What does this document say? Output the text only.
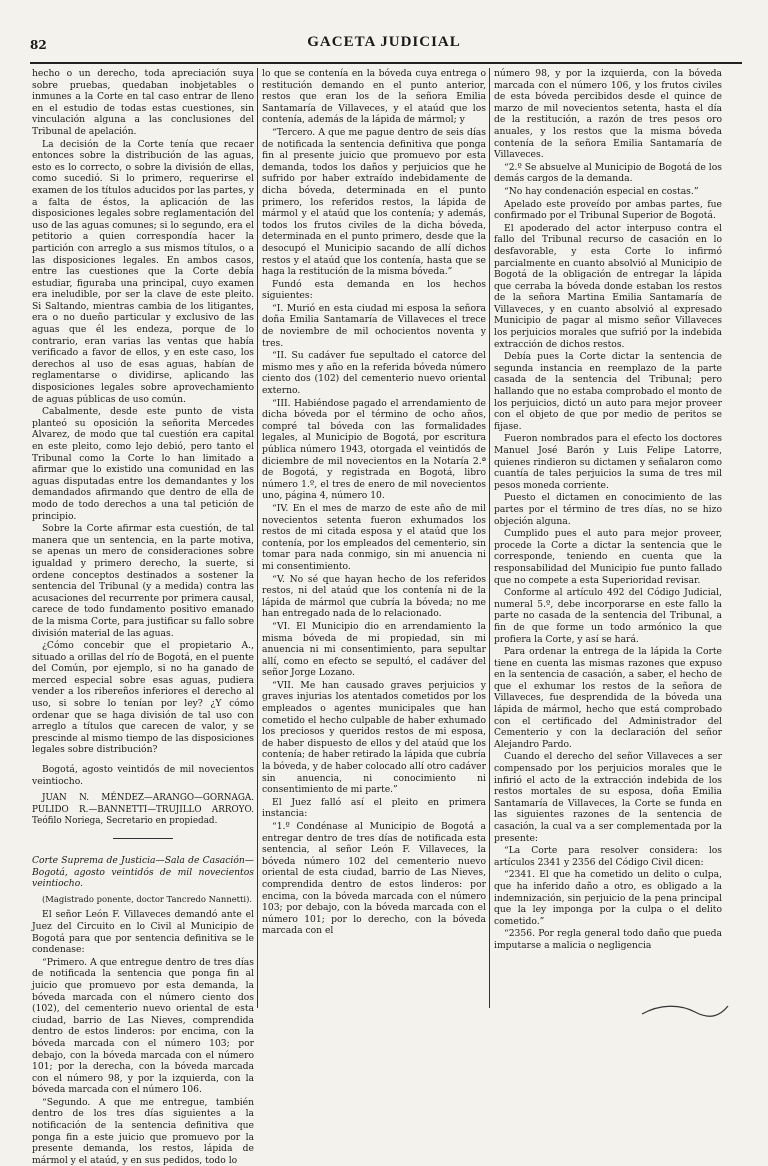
82	GACETA JUDICIAL

hecho o un derecho, toda apreciación suya sobre pruebas, quedaban inobjetables o inmunes a la Corte en tal caso entrar de lleno en el estudio de todas estas cuestiones, sin vinculación alguna a las conclusiones del Tribunal de apelación.

La decisión de la Corte tenía que recaer entonces sobre la distribución de las aguas, esto es lo correcto, o sobre la división de ellas, como sucedió. Si lo primero, requerirse el examen de los títulos aducidos por las partes, y a falta de éstos, la aplicación de las disposiciones legales sobre reglamentación del uso de las aguas comunes; si lo segundo, era el petitorio a quien correspondía hacer la partición con arreglo a sus mismos títulos, o a las disposiciones legales. En ambos casos, entre las cuestiones que la Corte debía estudiar, figuraba una principal, cuyo examen era ineludible, por ser la clave de este pleito. Si Saltando, mientras cambia de los litigantes, era o no dueño particular y exclusivo de las aguas que él les endeza, porque de lo contrario, eran varias las ventas que había verificado a favor de ellos, y en este caso, los derechos al uso de esas aguas, habían de reglamentarse o dividirse, aplicando las disposiciones legales sobre aprovechamiento de aguas públicas de uso común.

Cabalmente, desde este punto de vista planteó su oposición la señorita Mercedes Alvarez, de modo que tal cuestión era capital en este pleito, como lejo debió, pero tanto el Tribunal como la Corte lo han limitado a afirmar que lo existido una comunidad en las aguas disputadas entre los demandantes y los demandados afirmando que dentro de ella de modo de todo derechos a una tal petición de principio.

Sobre la Corte afirmar esta cuestión, de tal manera que un sentencia, en la parte motiva, se apenas un mero de consideraciones sobre igualdad y primero derecho, la suerte, si ordene conceptos destinados a sostener la sentencia del Tribunal (y a medida) contra las acusaciones del recurrente por primera causal, carece de todo fundamento positivo emanado de la misma Corte, para justificar su fallo sobre división material de las aguas.

¿Cómo concebir que el propietario A., situado a orillas del río de Bogotá, en el puente del Común, por ejemplo, si no ha ganado de merced especial sobre esas aguas, pudiera vender a los ribereños inferiores el derecho al uso, si sobre lo tenían por ley? ¿Y cómo ordenar que se haga división de tal uso con arreglo a títulos que carecen de valor, y se prescinde al mismo tiempo de las disposiciones legales sobre distribución?

Bogotá, agosto veintidós de mil novecientos veintiocho.

JUAN N. MÉNDEZ—ARANGO—GORNAGA. PULIDO R.—BANNETTI—TRUJILLO ARROYO. Teófilo Noriega, Secretario en propiedad.

Corte Suprema de Justicia—Sala de Casación—Bogotá, agosto veintidós de mil novecientos veintiocho.

(Magistrado ponente, doctor Tancredo Nannetti).

El señor León F. Villaveces demandó ante el Juez del Circuito en lo Civil al Municipio de Bogotá para que por sentencia definitiva se le condenase:

“Primero. A que entregue dentro de tres días de notificada la sentencia que ponga fin al juicio que promuevo por esta demanda, la bóveda marcada con el número ciento dos (102), del cementerio nuevo oriental de esta ciudad, barrio de Las Nieves, comprendida dentro de estos linderos: por encima, con la bóveda marcada con el número 103; por debajo, con la bóveda marcada con el número 101; por la derecha, con la bóveda marcada con el número 98, y por la izquierda, con la bóveda marcada con el número 106.

“Segundo. A que me entregue, también dentro de los tres días siguientes a la notificación de la sentencia definitiva que ponga fin a este juicio que promuevo por la presente demanda, los restos, lápida de mármol y el ataúd, y en sus pedidos, todo lo

lo que se contenía en la bóveda cuya entrega o restitución demando en el punto anterior, restos que eran los de la señora Emilia Santamaría de Villaveces, y el ataúd que los contenía, además de la lápida de mármol; y

“Tercero. A que me pague dentro de seis días de notificada la sentencia definitiva que ponga fin al presente juicio que promuevo por esta demanda, todos los daños y perjuicios que he sufrido por haber extraído indebidamente de dicha bóveda, determinada en el punto primero, los referidos restos, la lápida de mármol y el ataúd que los contenía; y además, todos los frutos civiles de la dicha bóveda, determinada en el punto primero, desde que la desocupó el Municipio sacando de allí dichos restos y el ataúd que los contenía, hasta que se haga la restitución de la misma bóveda.”

Fundó esta demanda en los hechos siguientes:

“I. Murió en esta ciudad mi esposa la señora doña Emilia Santamaría de Villaveces el trece de noviembre de mil ochocientos noventa y tres.

“II. Su cadáver fue sepultado el catorce del mismo mes y año en la referida bóveda número ciento dos (102) del cementerio nuevo oriental externo.

“III. Habiéndose pagado el arrendamiento de dicha bóveda por el término de ocho años, compré tal bóveda con las formalidades legales, al Municipio de Bogotá, por escritura pública número 1943, otorgada el veintidós de diciembre de mil novecientos en la Notaría 2.ª de Bogotá, y registrada en Bogotá, libro número 1.º, el tres de enero de mil novecientos uno, página 4, número 10.

“IV. En el mes de marzo de este año de mil novecientos setenta fueron exhumados los restos de mi citada esposa y el ataúd que los contenía, por los empleados del cementerio, sin tomar para nada conmigo, sin mi anuencia ni mi consentimiento.

“V. No sé que hayan hecho de los referidos restos, ni del ataúd que los contenía ni de la lápida de mármol que cubría la bóveda; no me han entregado nada de lo relacionado.

“VI. El Municipio dio en arrendamiento la misma bóveda de mi propiedad, sin mi anuencia ni mi consentimiento, para sepultar allí, como en efecto se sepultó, el cadáver del señor Jorge Lozano.

“VII. Me han causado graves perjuicios y graves injurias los atentados cometidos por los empleados o agentes municipales que han cometido el hecho culpable de haber exhumado los preciosos y queridos restos de mi esposa, de haber dispuesto de ellos y del ataúd que los contenía; de haber retirado la lápida que cubría la bóveda, y de haber colocado allí otro cadáver sin anuencia, ni conocimiento ni consentimiento de mi parte.”

El Juez falló así el pleito en primera instancia:

“1.º Condénase al Municipio de Bogotá a entregar dentro de tres días de notificada esta sentencia, al señor León F. Villaveces, la bóveda número 102 del cementerio nuevo oriental de esta ciudad, barrio de Las Nieves, comprendida dentro de estos linderos: por encima, con la bóveda marcada con el número 103; por debajo, con la bóveda marcada con el número 101; por lo derecho, con la bóveda marcada con el

número 98, y por la izquierda, con la bóveda marcada con el número 106, y los frutos civiles de esta bóveda percibidos desde el quince de marzo de mil novecientos setenta, hasta el día de la restitución, a razón de tres pesos oro anuales, y los restos que la misma bóveda contenía de la señora Emilia Santamaría de Villaveces.

“2.º Se absuelve al Municipio de Bogotá de los demás cargos de la demanda.

“No hay condenación especial en costas.”

Apelado este proveído por ambas partes, fue confirmado por el Tribunal Superior de Bogotá.

El apoderado del actor interpuso contra el fallo del Tribunal recurso de casación en lo desfavorable, y esta Corte lo infirmó parcialmente en cuanto absolvió al Municipio de Bogotá de la obligación de entregar la lápida que cerraba la bóveda donde estaban los restos de la señora Martina Emilia Santamaría de Villaveces, y en cuanto absolvió al expresado Municipio de pagar al mismo señor Villaveces los perjuicios morales que sufrió por la indebida extracción de dichos restos.

Debía pues la Corte dictar la sentencia de segunda instancia en reemplazo de la parte casada de la sentencia del Tribunal; pero hallando que no estaba comprobado el monto de los perjuicios, dictó un auto para mejor proveer con el objeto de que por medio de peritos se fijase.

Fueron nombrados para el efecto los doctores Manuel José Barón y Luis Felipe Latorre, quienes rindieron su dictamen y señalaron como cuantía de tales perjuicios la suma de tres mil pesos moneda corriente.

Puesto el dictamen en conocimiento de las partes por el término de tres días, no se hizo objeción alguna.

Cumplido pues el auto para mejor proveer, procede la Corte a dictar la sentencia que le corresponde, teniendo en cuenta que la responsabilidad del Municipio fue punto fallado que no compete a esta Superioridad revisar.

Conforme al artículo 492 del Código Judicial, numeral 5.º, debe incorporarse en este fallo la parte no casada de la sentencia del Tribunal, a fin de que forme un todo armónico la que profiera la Corte, y así se hará.

Para ordenar la entrega de la lápida la Corte tiene en cuenta las mismas razones que expuso en la sentencia de casación, a saber, el hecho de que el exhumar los restos de la señora de Villaveces, fue desprendida de la bóveda una lápida de mármol, hecho que está comprobado con el certificado del Administrador del Cementerio y con la declaración del señor Alejandro Pardo.

Cuando el derecho del señor Villaveces a ser compensado por los perjuicios morales que le infirió el acto de la extracción indebida de los restos mortales de su esposa, doña Emilia Santamaría de Villaveces, la Corte se funda en las siguientes razones de la sentencia de casación, la cual va a ser complementada por la presente:

“La Corte para resolver considera: los artículos 2341 y 2356 del Código Civil dicen:

“2341. El que ha cometido un delito o culpa, que ha inferido daño a otro, es obligado a la indemnización, sin perjuicio de la pena principal que la ley imponga por la culpa o el delito cometido.”

“2356. Por regla general todo daño que pueda imputarse a malicia o negligencia
